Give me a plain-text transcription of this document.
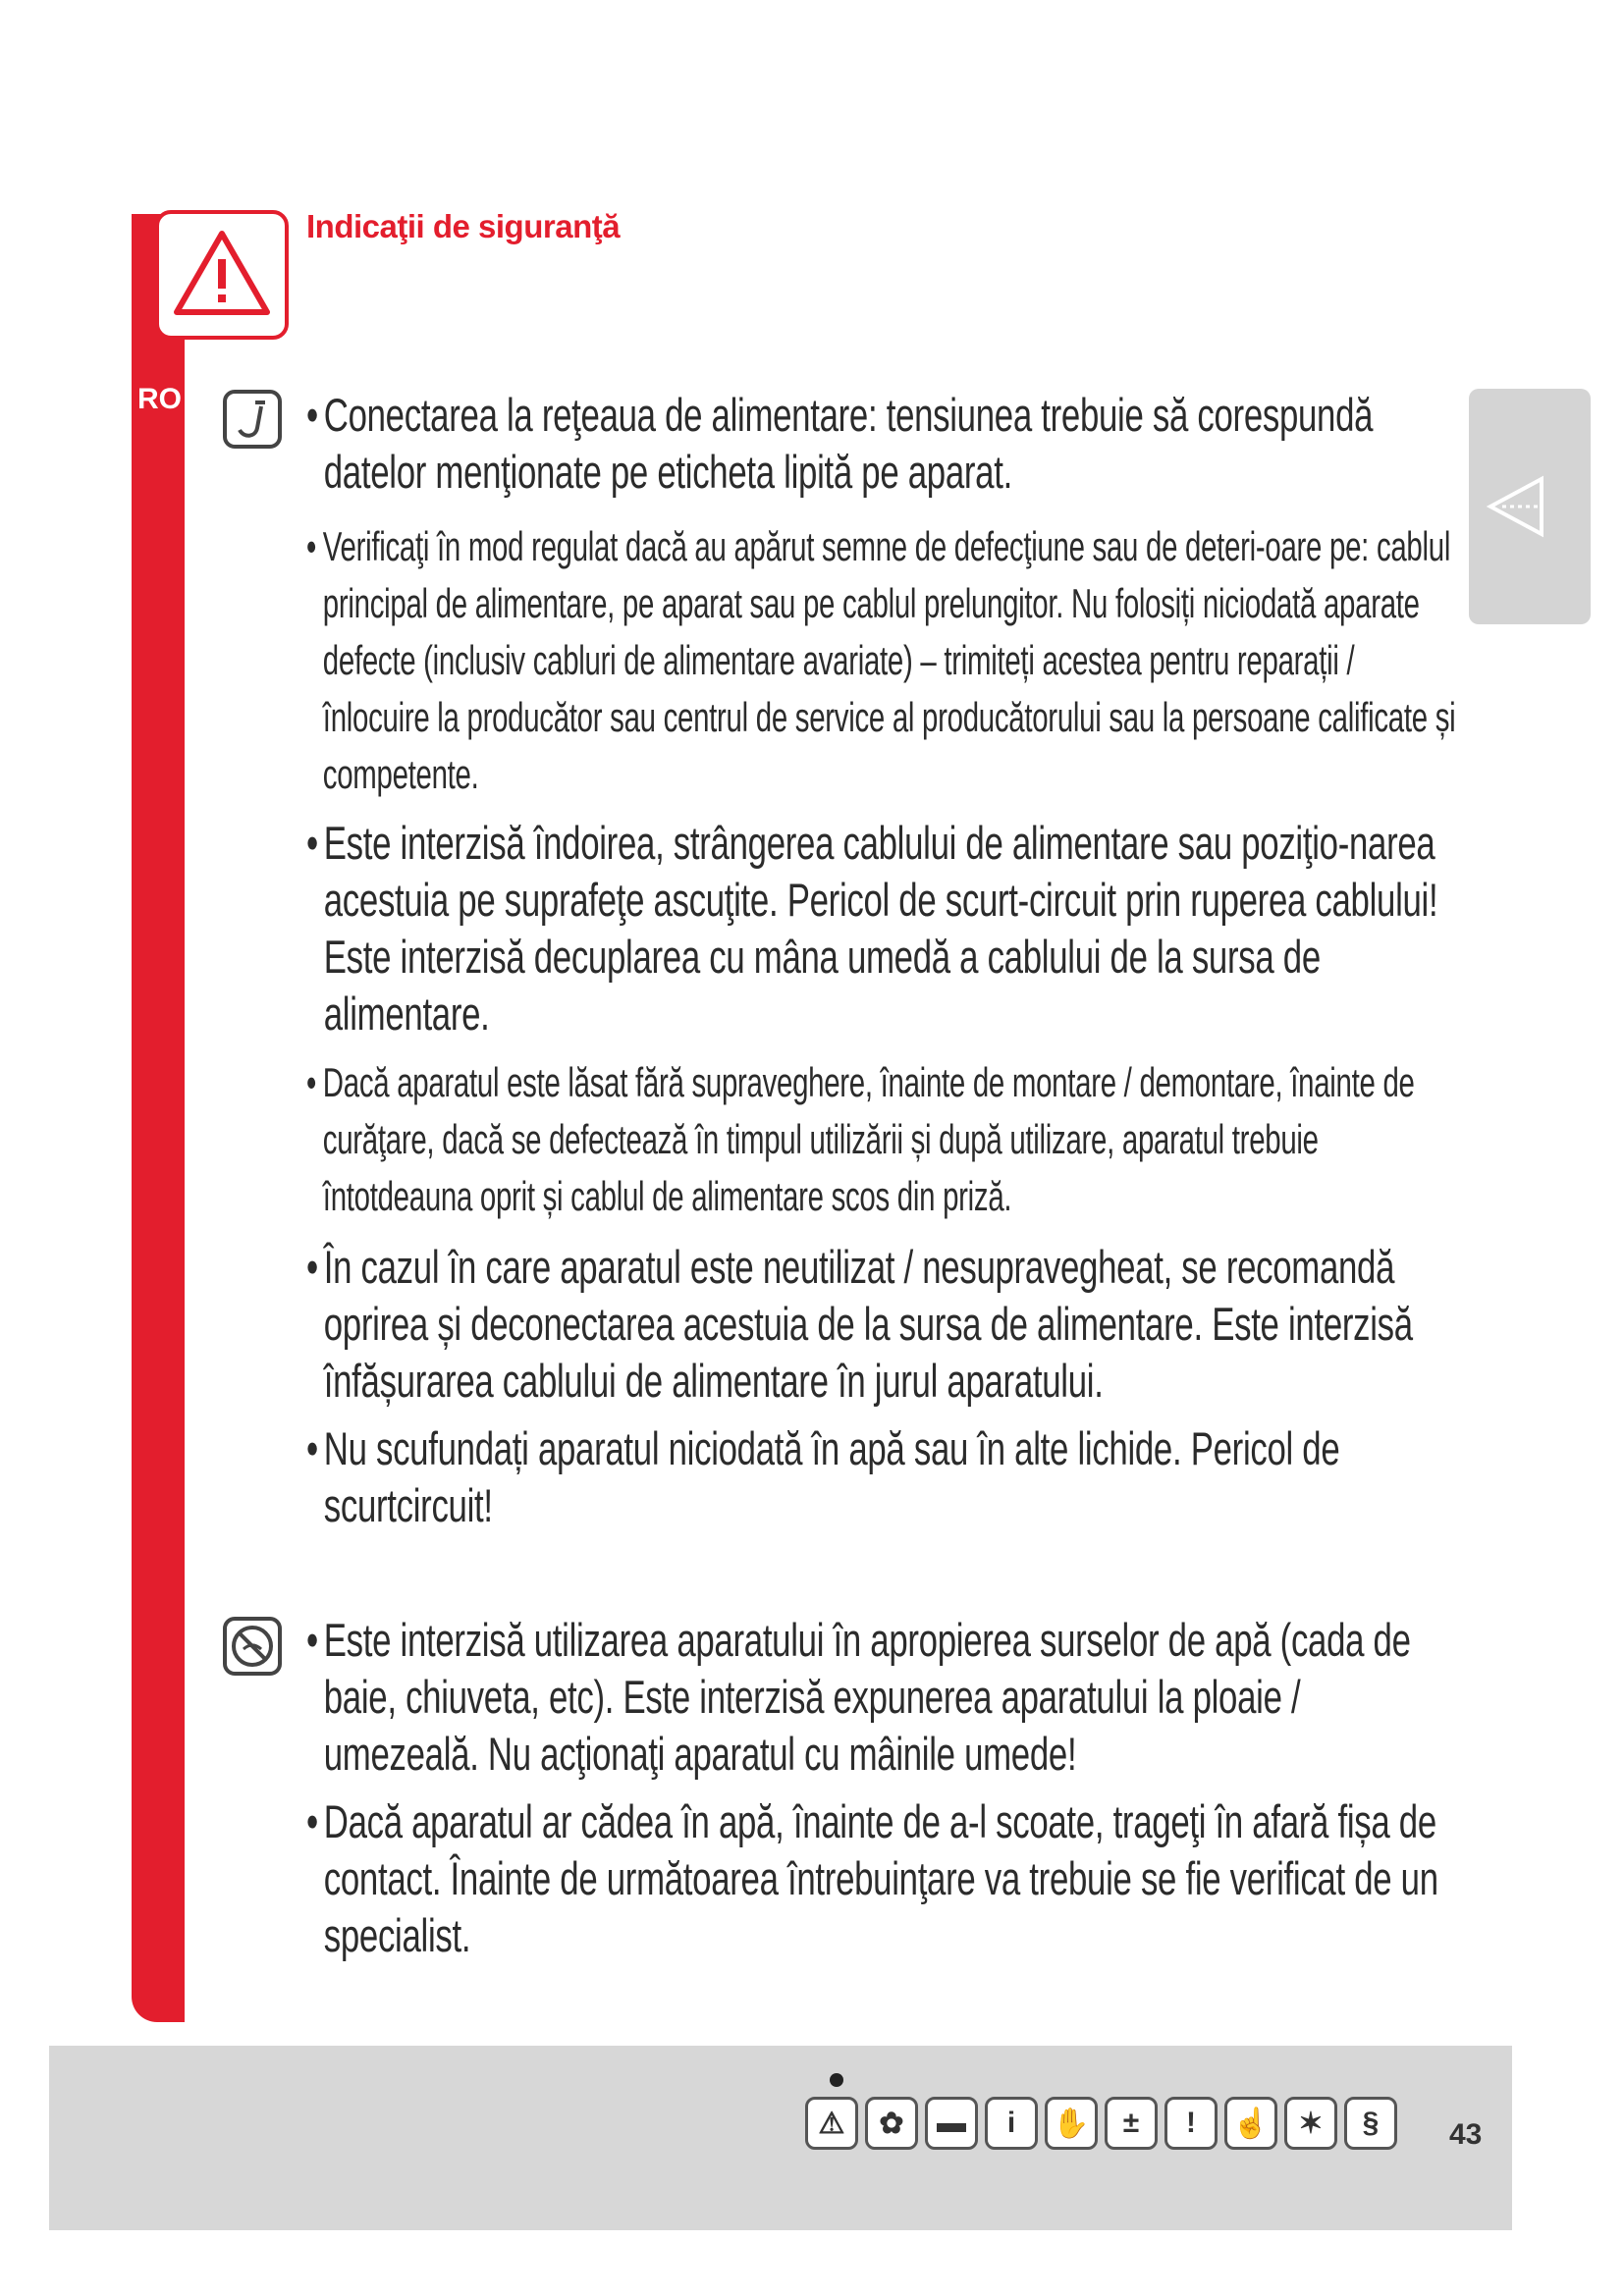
Indicaţii de siguranţă
RO	• Conectarea la reţeaua de alimentare: tensiunea trebuie să corespundă datelor menţionate pe eticheta lipită pe aparat.
• Verificaţi în mod regulat dacă au apărut semne de defecţiune sau de deteri-oare pe: cablul principal de alimentare, pe aparat sau pe cablul prelungitor. Nu folosiți niciodată aparate defecte (inclusiv cabluri de alimentare avariate) – trimiteți acestea pentru reparații / înlocuire la producător sau centrul de service al producătorului sau la persoane calificate și competente.
• Este interzisă îndoirea, strângerea cablului de alimentare sau poziţio-narea acestuia pe suprafeţe ascuţite. Pericol de scurt-circuit prin ruperea cablului! Este interzisă decuplarea cu mâna umedă a cablului de la sursa de alimentare.
• Dacă aparatul este lăsat fără supraveghere, înainte de montare / demontare, înainte de curăţare, dacă se defectează în timpul utilizării și după utilizare, aparatul trebuie întotdeauna oprit și cablul de alimentare scos din priză.
• În cazul în care aparatul este neutilizat / nesupravegheat, se recomandă oprirea și deconectarea acestuia de la sursa de alimentare. Este interzisă înfășurarea cablului de alimentare în jurul aparatului.
• Nu scufundați aparatul niciodată în apă sau în alte lichide. Pericol de scurtcircuit!
• Este interzisă utilizarea aparatului în apropierea surselor de apă (cada de baie, chiuveta, etc). Este interzisă expunerea aparatului la ploaie / umezeală. Nu acţionaţi aparatul cu mâinile umede!
• Dacă aparatul ar cădea în apă, înainte de a-l scoate, trageţi în afară fișa de contact. Înainte de următoarea întrebuinţare va trebuie se fie verificat de un specialist.
⚠	✿	▬	i	✋	±	!	☝ ✶	§	43
